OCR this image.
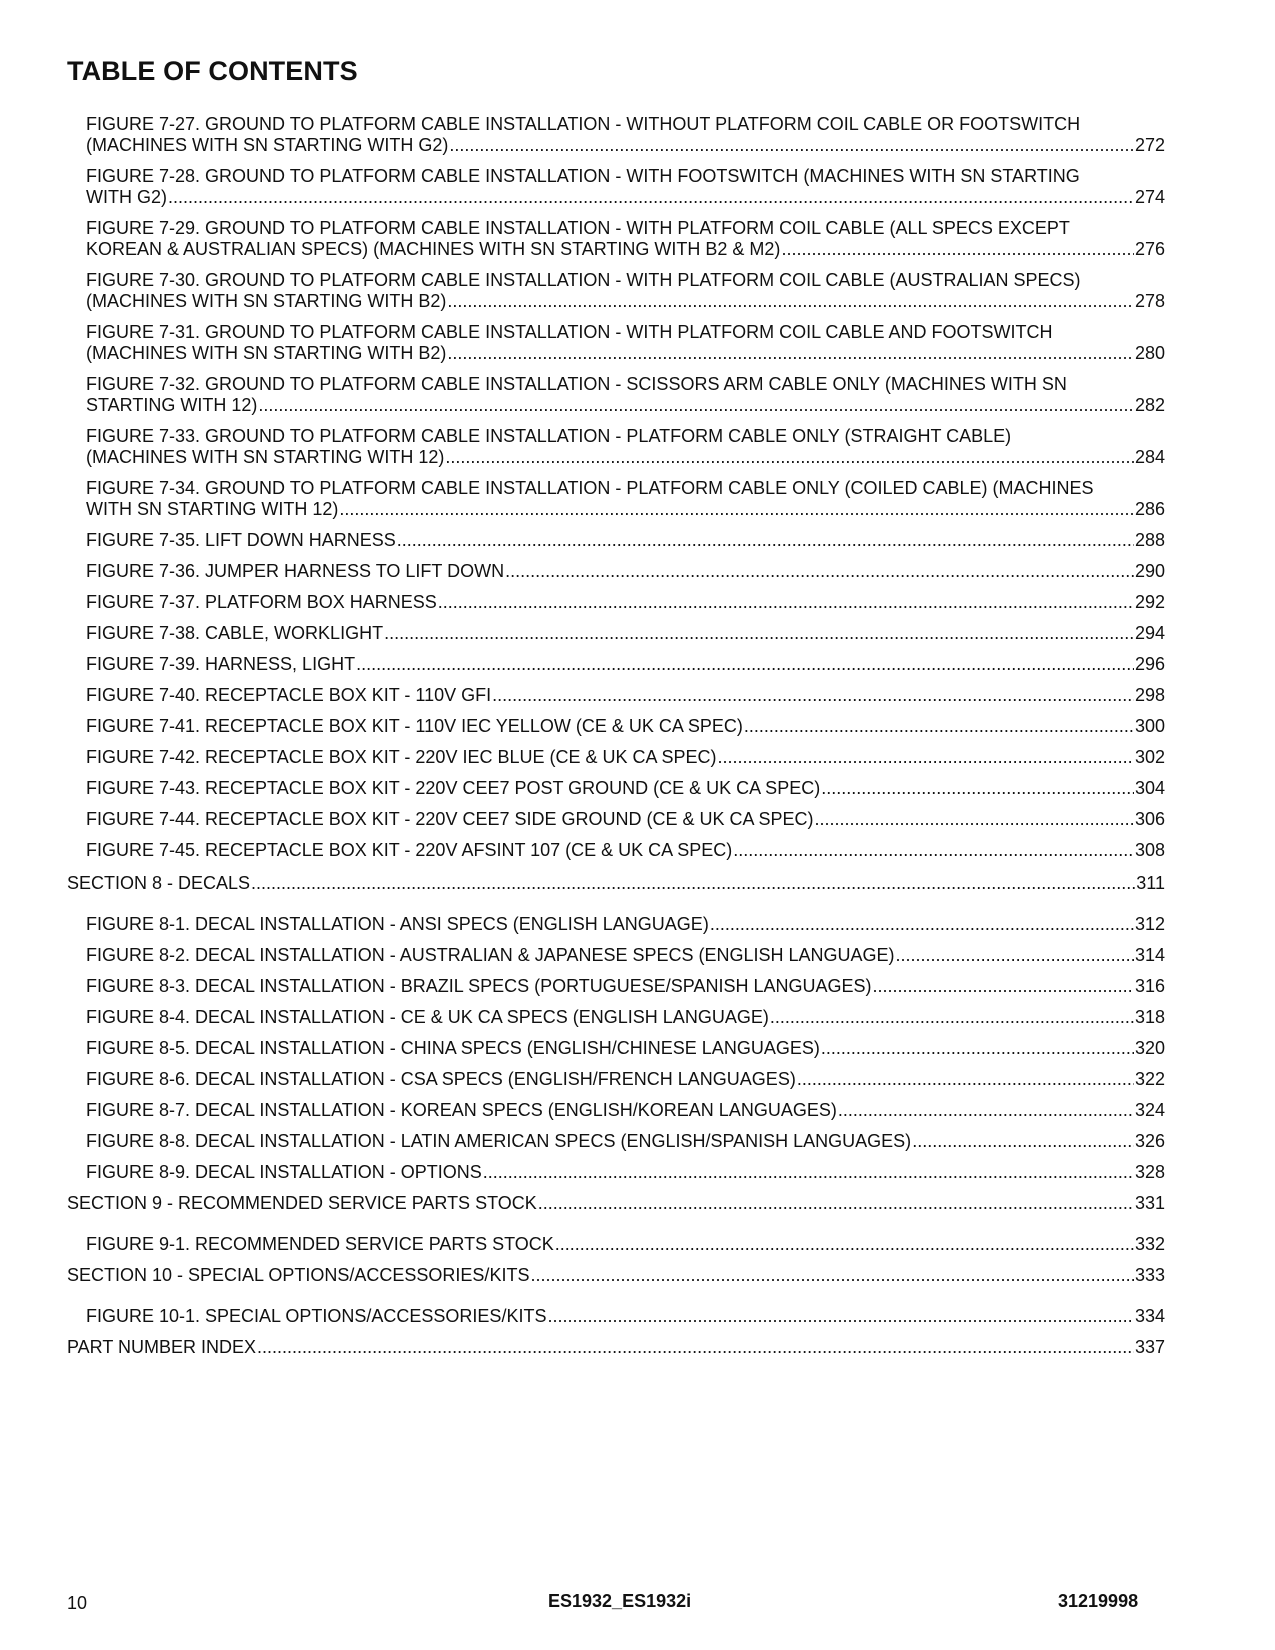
TABLE OF CONTENTS
FIGURE 7-27. GROUND TO PLATFORM CABLE INSTALLATION - WITHOUT PLATFORM COIL CABLE OR FOOTSWITCH
(MACHINES WITH SN STARTING WITH G2) .....	272
FIGURE 7-28. GROUND TO PLATFORM CABLE INSTALLATION - WITH FOOTSWITCH (MACHINES WITH SN STARTING
WITH G2) .....	274
FIGURE 7-29. GROUND TO PLATFORM CABLE INSTALLATION - WITH PLATFORM COIL CABLE (ALL SPECS EXCEPT
KOREAN & AUSTRALIAN SPECS) (MACHINES WITH SN STARTING WITH B2 & M2) .....	276
FIGURE 7-30. GROUND TO PLATFORM CABLE INSTALLATION - WITH PLATFORM COIL CABLE (AUSTRALIAN SPECS)
(MACHINES WITH SN STARTING WITH B2) .....	278
FIGURE 7-31. GROUND TO PLATFORM CABLE INSTALLATION - WITH PLATFORM COIL CABLE AND FOOTSWITCH
(MACHINES WITH SN STARTING WITH B2) .....	280
FIGURE 7-32. GROUND TO PLATFORM CABLE INSTALLATION - SCISSORS ARM CABLE ONLY (MACHINES WITH SN
STARTING WITH 12) .....	282
FIGURE 7-33. GROUND TO PLATFORM CABLE INSTALLATION - PLATFORM CABLE ONLY (STRAIGHT CABLE)
(MACHINES WITH SN STARTING WITH 12) .....	284
FIGURE 7-34. GROUND TO PLATFORM CABLE INSTALLATION - PLATFORM CABLE ONLY (COILED CABLE) (MACHINES
WITH SN STARTING WITH 12) .....	286
FIGURE 7-35. LIFT DOWN HARNESS .....	288
FIGURE 7-36. JUMPER HARNESS TO LIFT DOWN .....	290
FIGURE 7-37. PLATFORM BOX HARNESS .....	292
FIGURE 7-38. CABLE, WORKLIGHT .....	294
FIGURE 7-39. HARNESS, LIGHT .....	296
FIGURE 7-40. RECEPTACLE BOX KIT - 110V GFI .....	298
FIGURE 7-41. RECEPTACLE BOX KIT - 110V IEC YELLOW (CE & UK CA SPEC) .....	300
FIGURE 7-42. RECEPTACLE BOX KIT - 220V IEC BLUE (CE & UK CA SPEC) .....	302
FIGURE 7-43. RECEPTACLE BOX KIT - 220V CEE7 POST GROUND (CE & UK CA SPEC) .....	304
FIGURE 7-44. RECEPTACLE BOX KIT - 220V CEE7 SIDE GROUND (CE & UK CA SPEC) .....	306
FIGURE 7-45. RECEPTACLE BOX KIT - 220V AFSINT 107 (CE & UK CA SPEC) .....	308
SECTION 8 - DECALS .....	311
FIGURE 8-1. DECAL INSTALLATION - ANSI SPECS (ENGLISH LANGUAGE) .....	312
FIGURE 8-2. DECAL INSTALLATION - AUSTRALIAN & JAPANESE SPECS (ENGLISH LANGUAGE) .....	314
FIGURE 8-3. DECAL INSTALLATION - BRAZIL SPECS (PORTUGUESE/SPANISH LANGUAGES) .....	316
FIGURE 8-4. DECAL INSTALLATION - CE & UK CA SPECS (ENGLISH LANGUAGE) .....	318
FIGURE 8-5. DECAL INSTALLATION - CHINA SPECS (ENGLISH/CHINESE LANGUAGES) .....	320
FIGURE 8-6. DECAL INSTALLATION - CSA SPECS (ENGLISH/FRENCH LANGUAGES) .....	322
FIGURE 8-7. DECAL INSTALLATION - KOREAN SPECS (ENGLISH/KOREAN LANGUAGES) .....	324
FIGURE 8-8. DECAL INSTALLATION - LATIN AMERICAN SPECS (ENGLISH/SPANISH LANGUAGES) .....	326
FIGURE 8-9. DECAL INSTALLATION - OPTIONS .....	328
SECTION 9 - RECOMMENDED SERVICE PARTS STOCK .....	331
FIGURE 9-1. RECOMMENDED SERVICE PARTS STOCK .....	332
SECTION 10 - SPECIAL OPTIONS/ACCESSORIES/KITS .....	333
FIGURE 10-1. SPECIAL OPTIONS/ACCESSORIES/KITS .....	334
PART NUMBER INDEX .....	337
10	ES1932_ES1932i	31219998
